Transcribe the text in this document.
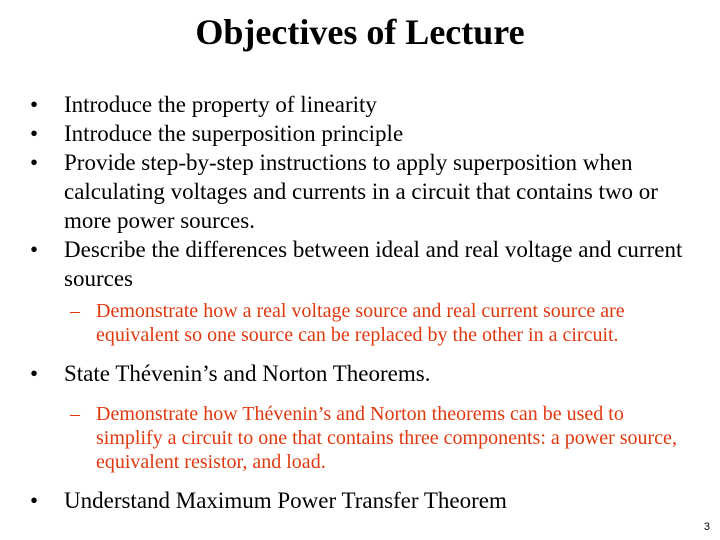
Objectives of Lecture
• Introduce the property of linearity
• Introduce the superposition principle
• Provide step-by-step instructions to apply superposition when calculating voltages and currents in a circuit that contains two or more power sources.
• Describe the differences between ideal and real voltage and current sources
– Demonstrate how a real voltage source and real current source are equivalent so one source can be replaced by the other in a circuit.
• State Thévenin’s and Norton Theorems.
– Demonstrate how Thévenin’s and Norton theorems can be used to simplify a circuit to one that contains three components: a power source, equivalent resistor, and load.
• Understand Maximum Power Transfer Theorem
3
